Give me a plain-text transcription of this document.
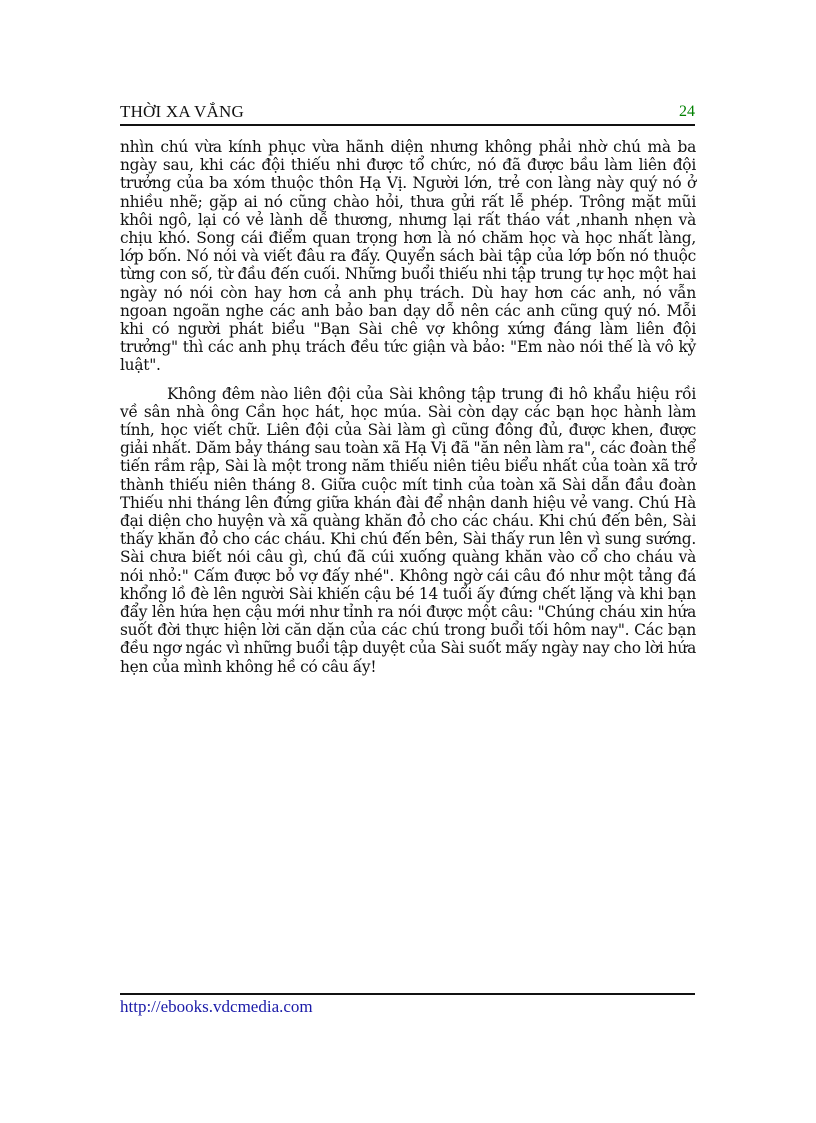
THỜI XA VẮNG	24

nhìn chú vừa kính phục vừa hãnh diện nhưng không phải nhờ chú mà ba ngày sau, khi các đội thiếu nhi được tổ chức, nó đã được bầu làm liên đội trưởng của ba xóm thuộc thôn Hạ Vị. Người lớn, trẻ con làng này quý nó ở nhiều nhẽ; gặp ai nó cũng chào hỏi, thưa gửi rất lễ phép. Trông mặt mũi khôi ngô, lại có vẻ lành dễ thương, nhưng lại rất tháo vát ,nhanh nhẹn và chịu khó. Song cái điểm quan trọng hơn là nó chăm học và học nhất làng, lớp bốn. Nó nói và viết đâu ra đấy. Quyển sách bài tập của lớp bốn nó thuộc từng con số, từ đầu đến cuối. Những buổi thiếu nhi tập trung tự học một hai ngày nó nói còn hay hơn cả anh phụ trách. Dù hay hơn các anh, nó vẫn ngoan ngoãn nghe các anh bảo ban dạy dỗ nên các anh cũng quý nó. Mỗi khi có người phát biểu "Bạn Sài chê vợ không xứng đáng làm liên đội trưởng" thì các anh phụ trách đều tức giận và bảo: "Em nào nói thế là vô kỷ luật".

Không đêm nào liên đội của Sài không tập trung đi hô khẩu hiệu rồi về sân nhà ông Cần học hát, học múa. Sài còn dạy các bạn học hành làm tính, học viết chữ. Liên đội của Sài làm gì cũng đông đủ, được khen, được giải nhất. Dăm bảy tháng sau toàn xã Hạ Vị đã "ăn nên làm ra", các đoàn thể tiến rầm rập, Sài là một trong năm thiếu niên tiêu biểu nhất của toàn xã trở thành thiếu niên tháng 8. Giữa cuộc mít tinh của toàn xã Sài dẫn đầu đoàn Thiếu nhi tháng lên đứng giữa khán đài để nhận danh hiệu vẻ vang. Chú Hà đại diện cho huyện và xã quàng khăn đỏ cho các cháu. Khi chú đến bên, Sài thấy khăn đỏ cho các cháu. Khi chú đến bên, Sài thấy run lên vì sung sướng. Sài chưa biết nói câu gì, chú đã cúi xuống quàng khăn vào cổ cho cháu và nói nhỏ:" Cấm được bỏ vợ đấy nhé". Không ngờ cái câu đó như một tảng đá khổng lồ đè lên người Sài khiến cậu bé 14 tuổi ấy đứng chết lặng và khi bạn đẩy lên hứa hẹn cậu mới như tỉnh ra nói được một câu: "Chúng cháu xin hứa suốt đời thực hiện lời căn dặn của các chú trong buổi tối hôm nay". Các bạn đều ngơ ngác vì những buổi tập duyệt của Sài suốt mấy ngày nay cho lời hứa hẹn của mình không hề có câu ấy!

http://ebooks.vdcmedia.com
